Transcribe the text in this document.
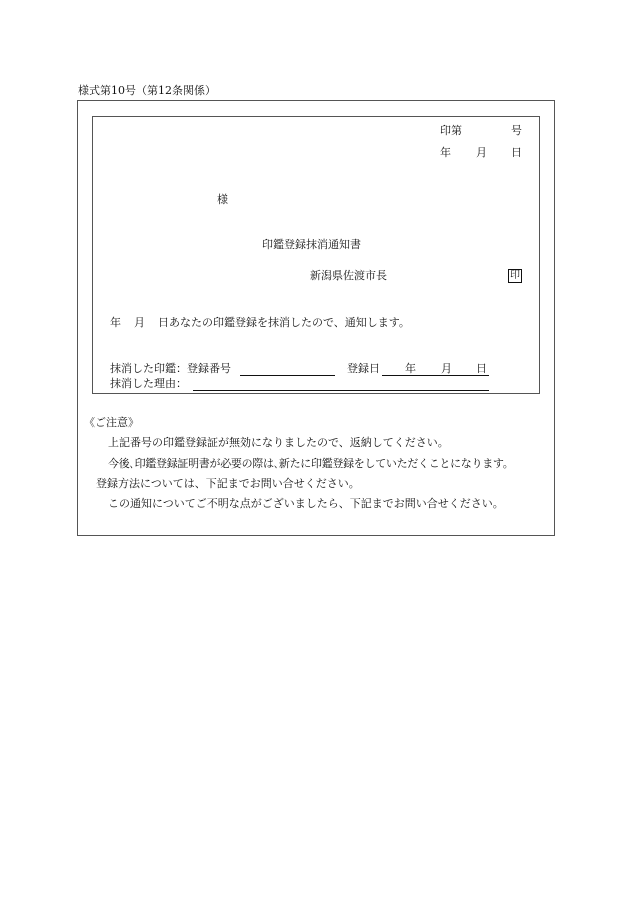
様式第10号（第12条関係）
印第	号
年 月 日
様
印鑑登録抹消通知書
新潟県佐渡市長	印
年 月 日あなたの印鑑登録を抹消したので、通知します。
抹消した印鑑：登録番号	登録日 年 月 日
抹消した理由：
《ご注意》
上記番号の印鑑登録証が無効になりましたので、返納してください。
今後､印鑑登録証明書が必要の際は､新たに印鑑登録をしていただくことになります。
登録方法については、下記までお問い合せください。
この通知についてご不明な点がございましたら、下記までお問い合せください。
